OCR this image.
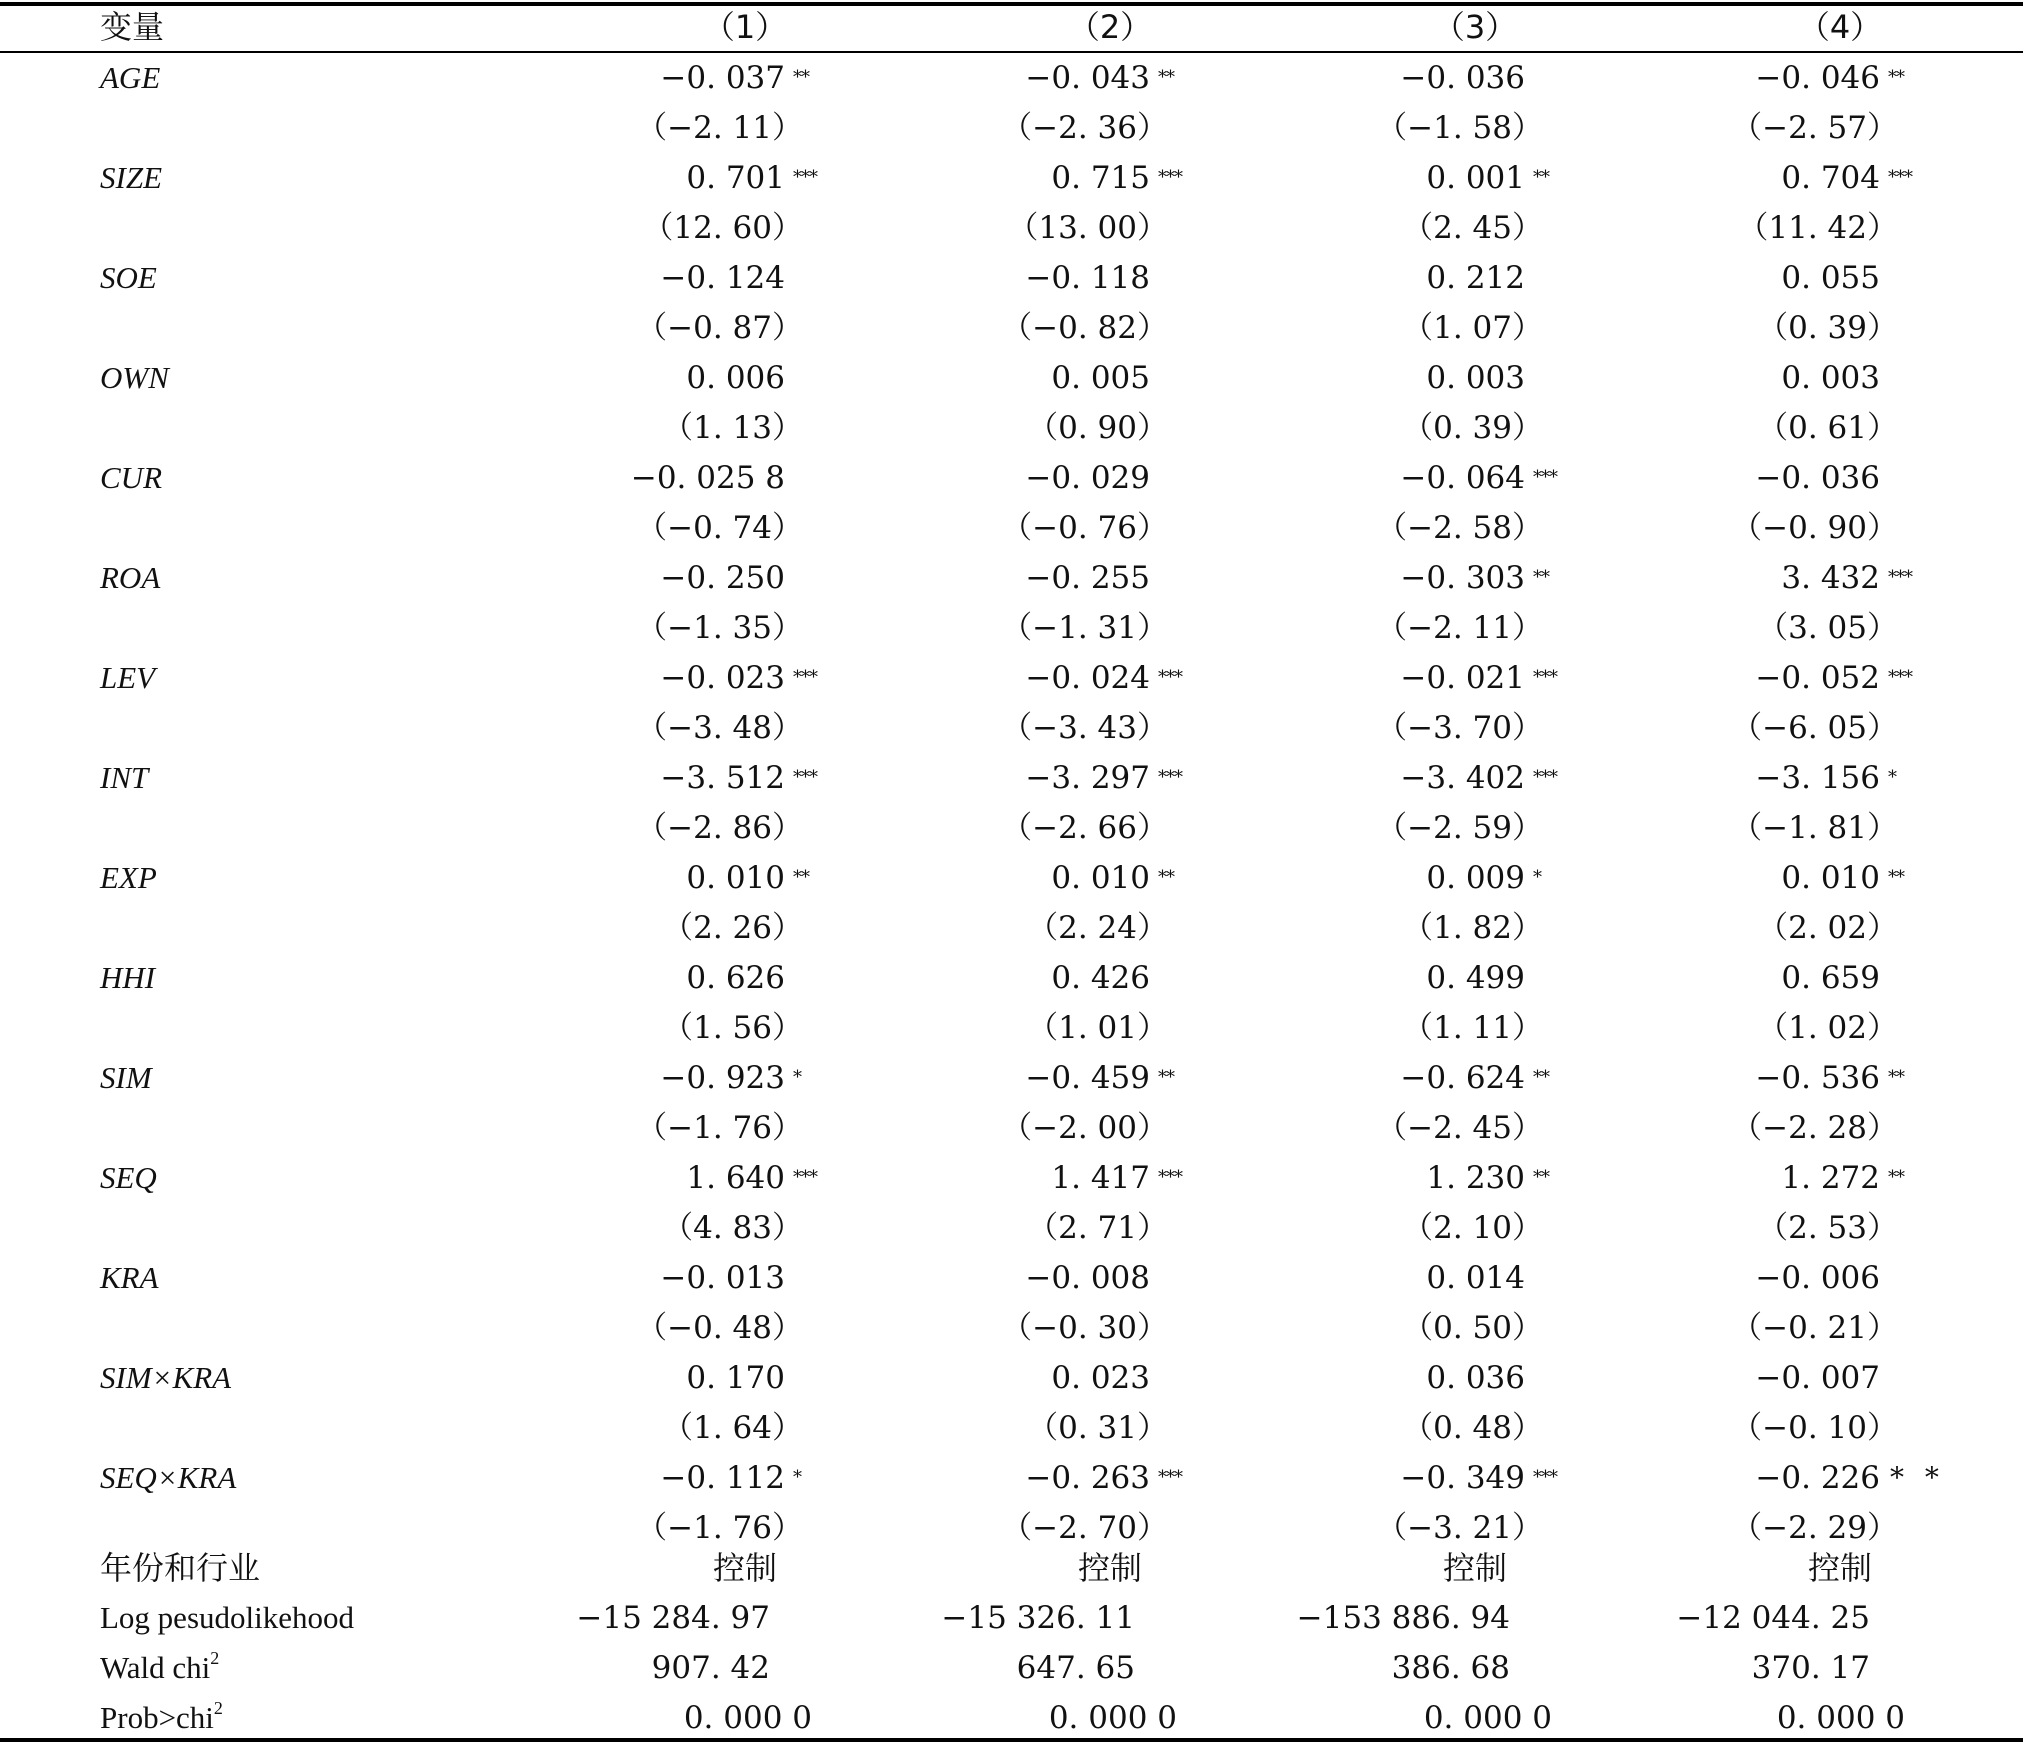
变量	（1）	（2）	（3）	（4）
AGE	−0. 037 **	−0. 043 **	−0. 036	−0. 046 **
（−2. 11）	（−2. 36）	（−1. 58）	（−2. 57）
SIZE	0. 701 ***	0. 715 ***	0. 001 **	0. 704 ***
（12. 60）	（13. 00）	（2. 45）	（11. 42）
SOE	−0. 124	−0. 118	0. 212	0. 055
（−0. 87）	（−0. 82）	（1. 07）	（0. 39）
OWN	0. 006	0. 005	0. 003	0. 003
（1. 13）	（0. 90）	（0. 39）	（0. 61）
CUR	−0. 025 8	−0. 029	−0. 064 ***	−0. 036
（−0. 74）	（−0. 76）	（−2. 58）	（−0. 90）
ROA	−0. 250	−0. 255	−0. 303 **	3. 432 ***
（−1. 35）	（−1. 31）	（−2. 11）	（3. 05）
LEV	−0. 023 ***	−0. 024 ***	−0. 021 ***	−0. 052 ***
（−3. 48）	（−3. 43）	（−3. 70）	（−6. 05）
INT	−3. 512 ***	−3. 297 ***	−3. 402 ***	−3. 156 *
（−2. 86）	（−2. 66）	（−2. 59）	（−1. 81）
EXP	0. 010 **	0. 010 **	0. 009 *	0. 010 **
（2. 26）	（2. 24）	（1. 82）	（2. 02）
HHI	0. 626	0. 426	0. 499	0. 659
（1. 56）	（1. 01）	（1. 11）	（1. 02）
SIM	−0. 923 *	−0. 459 **	−0. 624 **	−0. 536 **
（−1. 76）	（−2. 00）	（−2. 45）	（−2. 28）
SEQ	1. 640 ***	1. 417 ***	1. 230 **	1. 272 **
（4. 83）	（2. 71）	（2. 10）	（2. 53）
KRA	−0. 013	−0. 008	0. 014	−0. 006
（−0. 48）	（−0. 30）	（0. 50）	（−0. 21）
SIM×KRA	0. 170	0. 023	0. 036	−0. 007
（1. 64）	（0. 31）	（0. 48）	（−0. 10）
SEQ×KRA	−0. 112 *	−0. 263 ***	−0. 349 ***	−0. 226
（−1. 76）	（−2. 70）	（−3. 21）	（−2. 29）
* *
年份和行业	控制	控制	控制	控制
Log pesudolikehood	−15 284. 97	−15 326. 11	−153 886. 94	−12 044. 25
Wald chi$^2$	907. 42	647. 65	386. 68	370. 17
Prob>chi$^2$	0. 000 0	0. 000 0	0. 000 0	0. 000 0
